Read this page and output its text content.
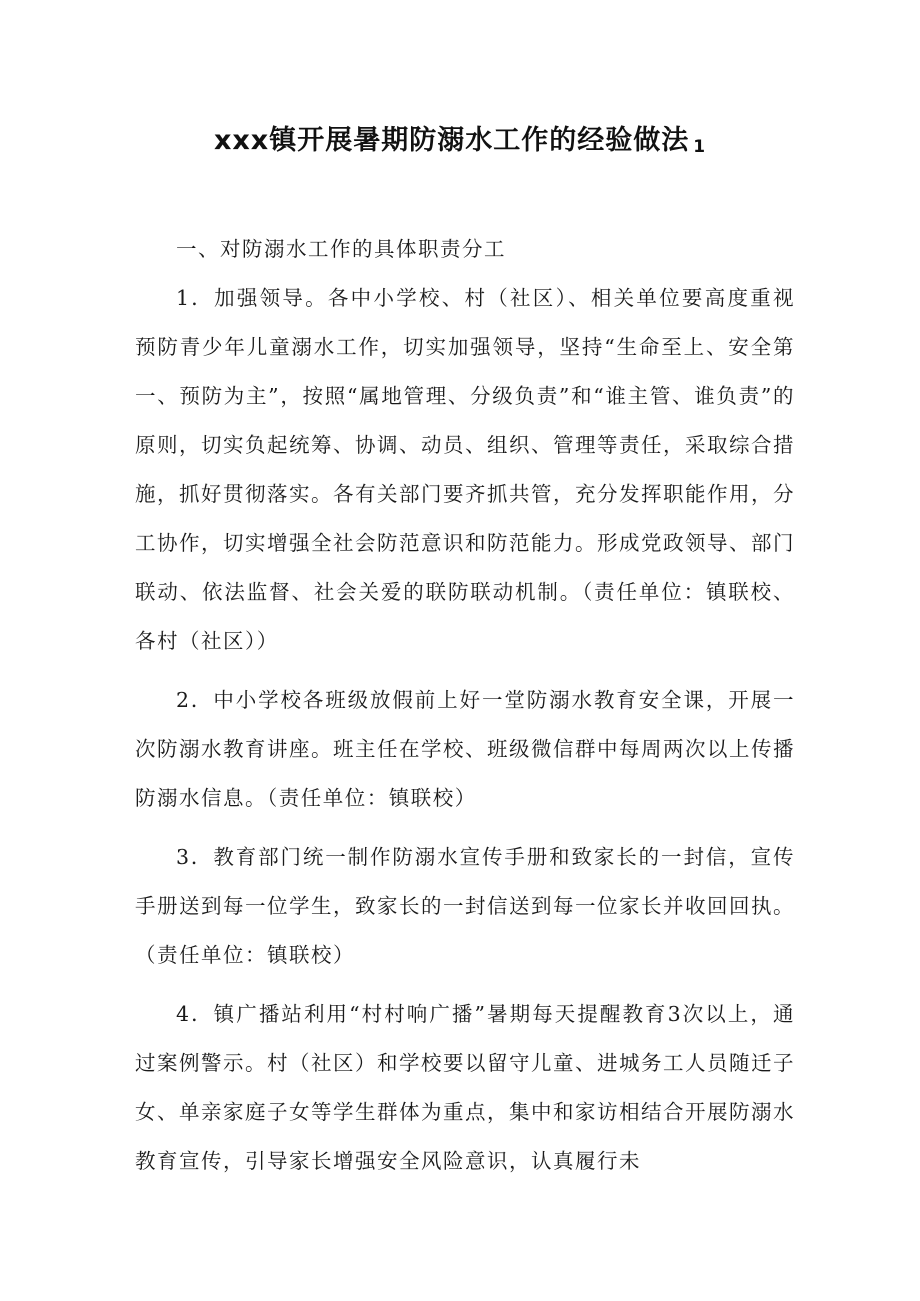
xxx镇开展暑期防溺水工作的经验做法 $^1$

一、对防溺水工作的具体职责分工

1．加强领导。各中小学校、村（社区）、相关单位要高度重视预防青少年儿童溺水工作，切实加强领导，坚持“生命至上、安全第一、预防为主”，按照“属地管理、分级负责”和“谁主管、谁负责”的原则，切实负起统筹、协调、动员、组织、管理等责任，采取综合措施，抓好贯彻落实。各有关部门要齐抓共管，充分发挥职能作用，分工协作，切实增强全社会防范意识和防范能力。形成党政领导、部门联动、依法监督、社会关爱的联防联动机制。（责任单位：镇联校、各村（社区））

2．中小学校各班级放假前上好一堂防溺水教育安全课，开展一次防溺水教育讲座。班主任在学校、班级微信群中每周两次以上传播防溺水信息。（责任单位：镇联校）

3．教育部门统一制作防溺水宣传手册和致家长的一封信，宣传手册送到每一位学生，致家长的一封信送到每一位家长并收回回执。（责任单位：镇联校）

4．镇广播站利用“村村响广播”暑期每天提醒教育3次以上，通过案例警示。村（社区）和学校要以留守儿童、进城务工人员随迁子女、单亲家庭子女等学生群体为重点，集中和家访相结合开展防溺水教育宣传，引导家长增强安全风险意识，认真履行未
